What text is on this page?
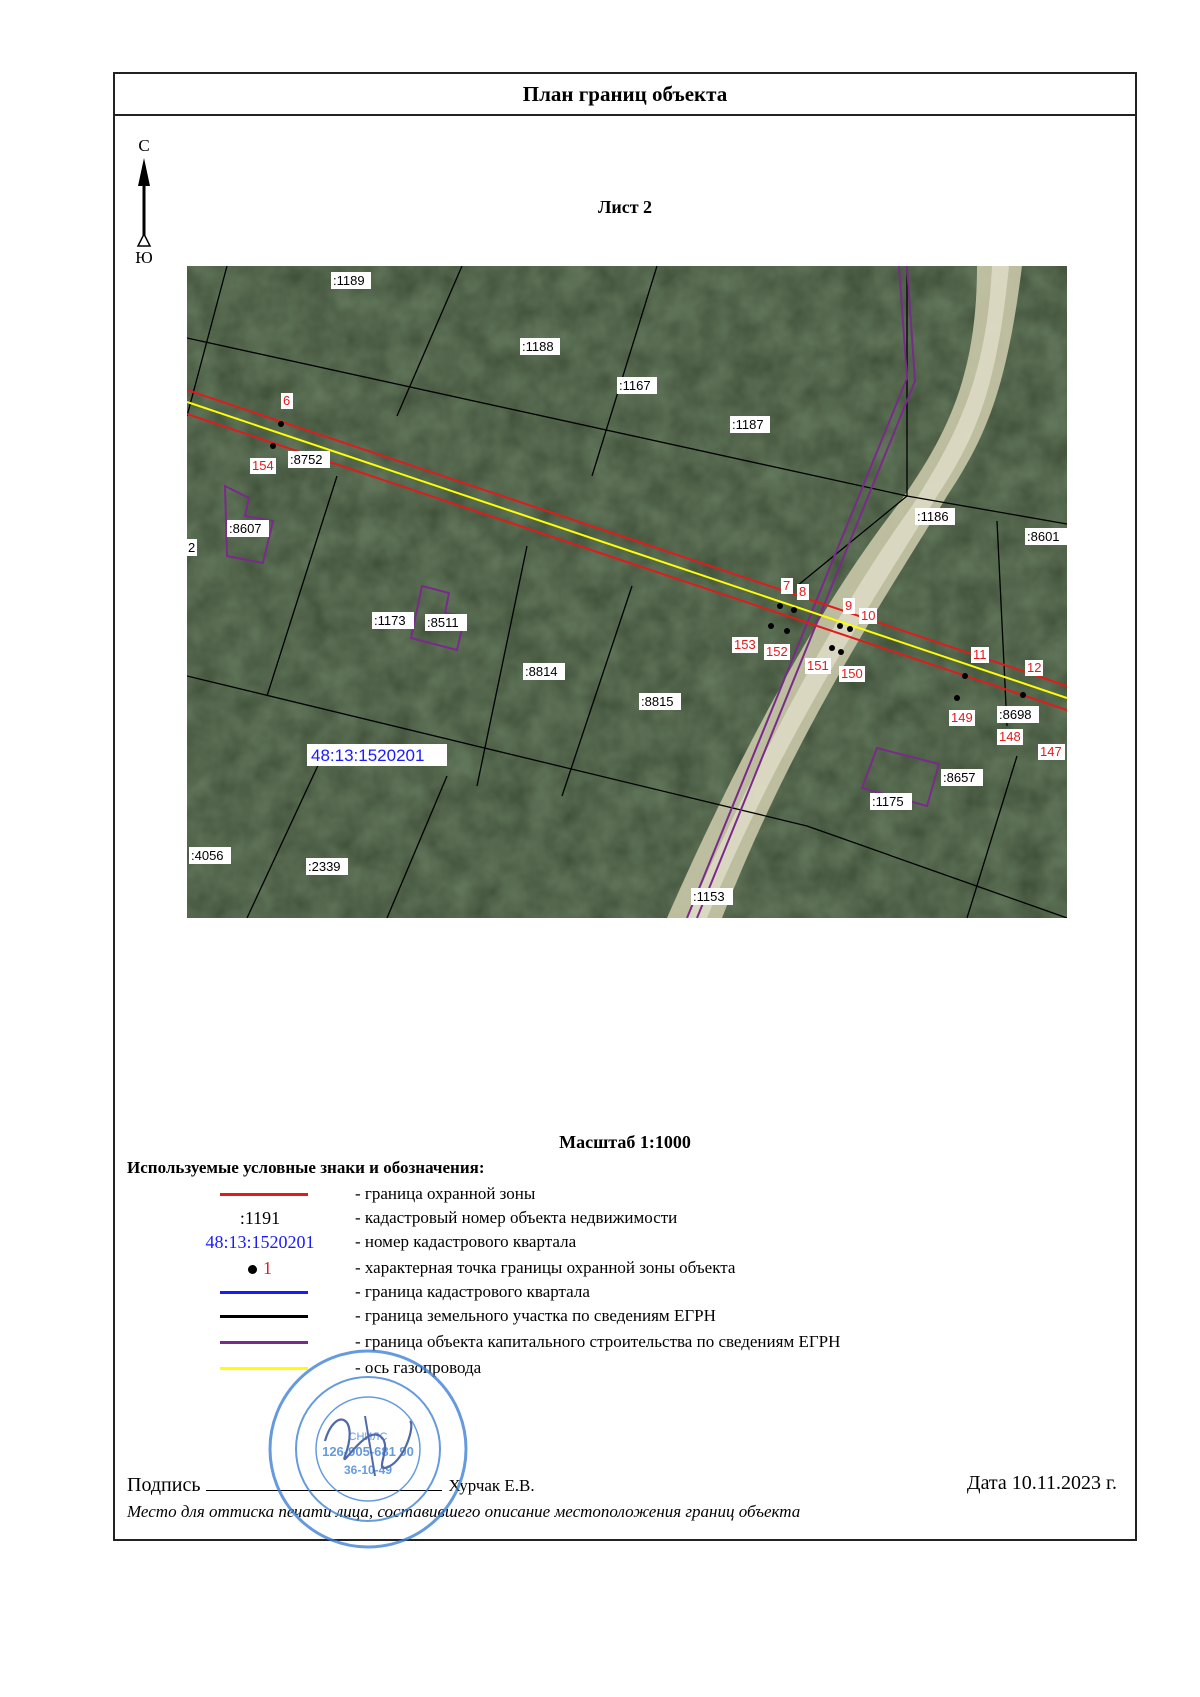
План границ объекта
С
Ю
Лист 2
:1189
:1188
:1167
:1187
:1186
:8601
:8752
:8607
2
:1173 :8511
:8814
:8815
:8698
:8657
:1175
:4056
:2339
:1153
48:13:1520201
6
154
7 8
9
10
153 152
151
150
11
12
149
148
147
Масштаб 1:1000
Используемые условные знаки и обозначения:
- граница охранной зоны
:1191	- кадастровый номер объекта недвижимости
48:13:1520201	- номер кадастрового квартала
1	- характерная точка границы охранной зоны объекта
- граница кадастрового квартала
- граница земельного участка по сведениям ЕГРН
- граница объекта капитального строительства по сведениям ЕГРН
- ось газопровода
Подпись	Хурчак Е.В.	Дата 10.11.2023 г.
Место для оттиска печати лица, составившего описание местоположения границ объекта
СНИЛС
126-905-681 90
36-10-49
